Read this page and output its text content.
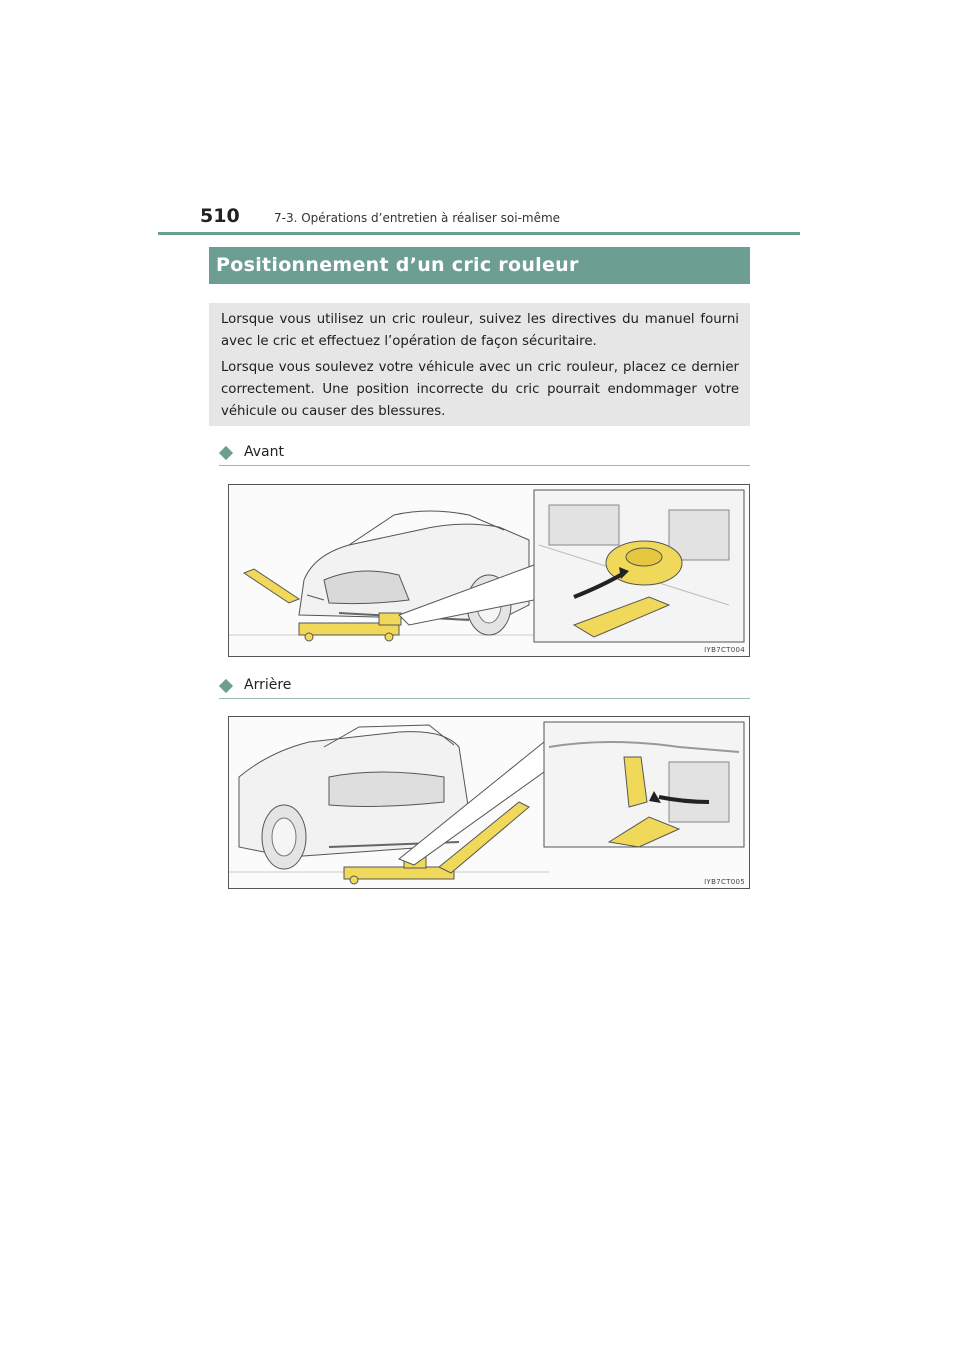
510	7-3. Opérations d’entretien à réaliser soi-même
Positionnement d’un cric rouleur

Lorsque vous utilisez un cric rouleur, suivez les directives du manuel fourni avec le cric et effectuez l’opération de façon sécuritaire.

Lorsque vous soulevez votre véhicule avec un cric rouleur, placez ce dernier correctement. Une position incorrecte du cric pourrait endommager votre véhicule ou causer des blessures.

Avant
IYB7CT004
Arrière
IYB7CT005
